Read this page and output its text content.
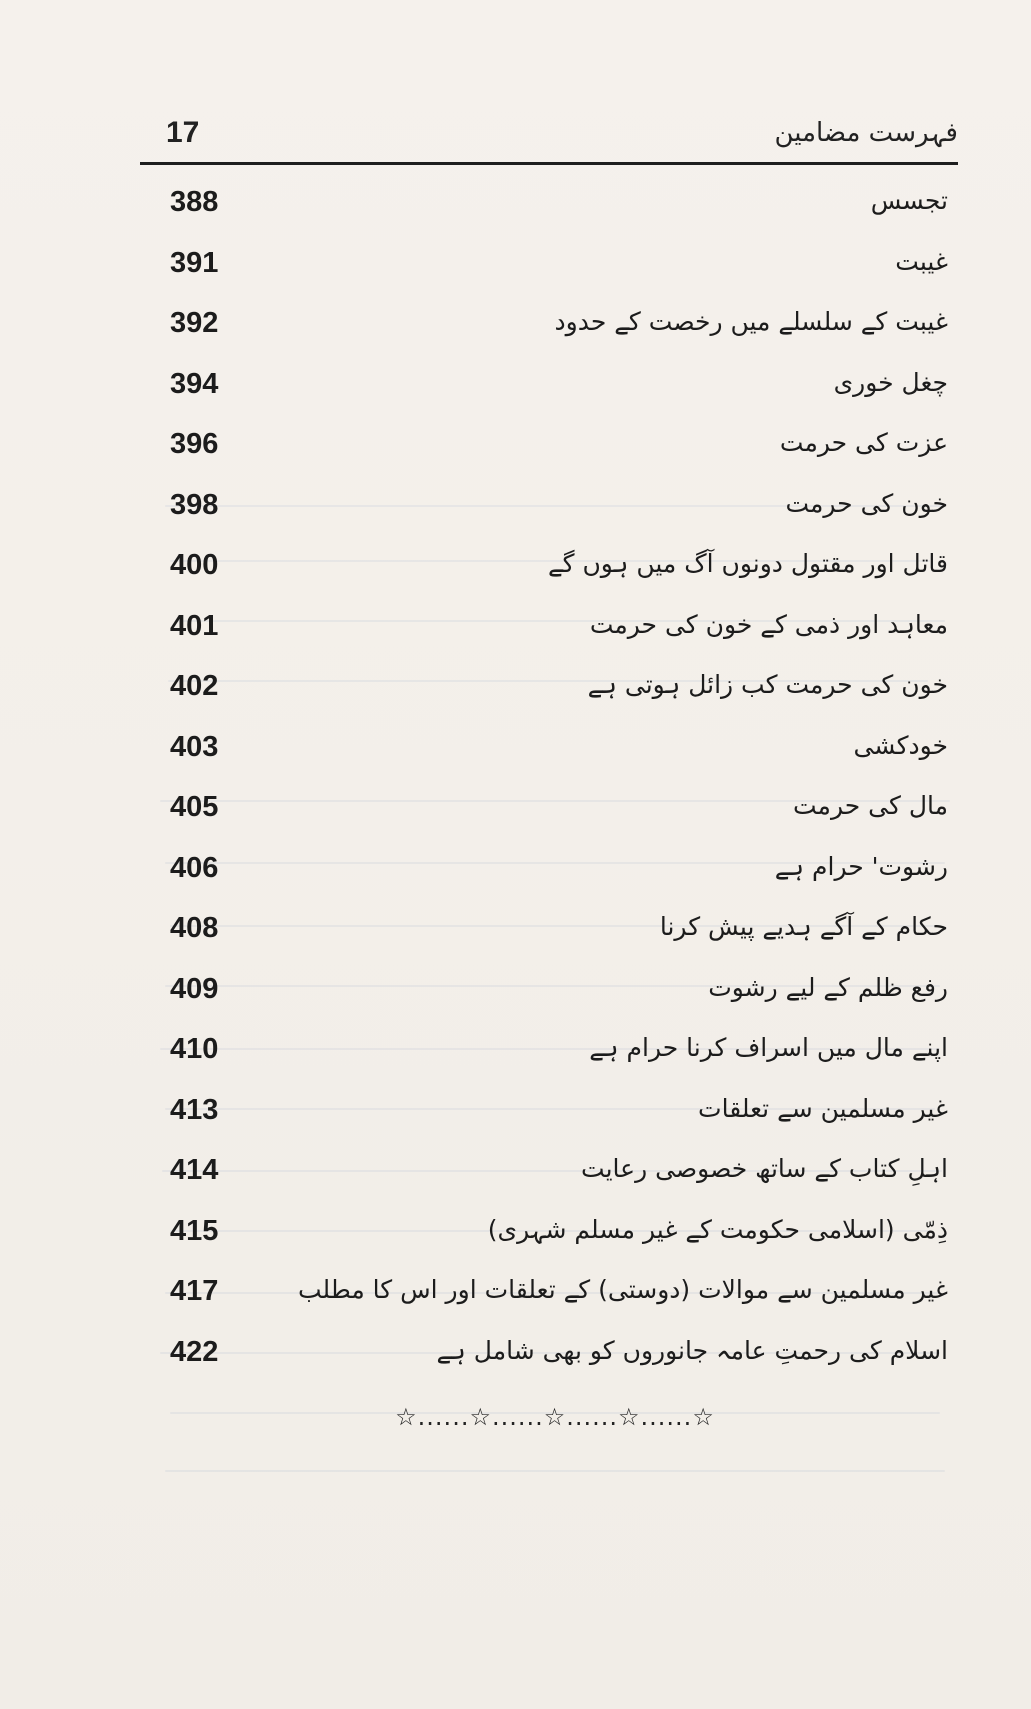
17	فہرست مضامین
388	تجسس
391	غیبت
392	غیبت کے سلسلے میں رخصت کے حدود
394	چغل خوری
396	عزت کی حرمت
398	خون کی حرمت
400	قاتل اور مقتول دونوں آگ میں ہوں گے
401	معاہد اور ذمی کے خون کی حرمت
402	خون کی حرمت کب زائل ہوتی ہے
403	خودکشی
405	مال کی حرمت
406	رشوت' حرام ہے
408	حکام کے آگے ہدیے پیش کرنا
409	رفع ظلم کے لیے رشوت
410	اپنے مال میں اسراف کرنا حرام ہے
413	غیر مسلمین سے تعلقات
414	اہلِ کتاب کے ساتھ خصوصی رعایت
415	ذِمّی (اسلامی حکومت کے غیر مسلم شہری)
417	غیر مسلمین سے موالات (دوستی) کے تعلقات اور اس کا مطلب
422	اسلام کی رحمتِ عامہ جانوروں کو بھی شامل ہے
☆......☆......☆......☆......☆
